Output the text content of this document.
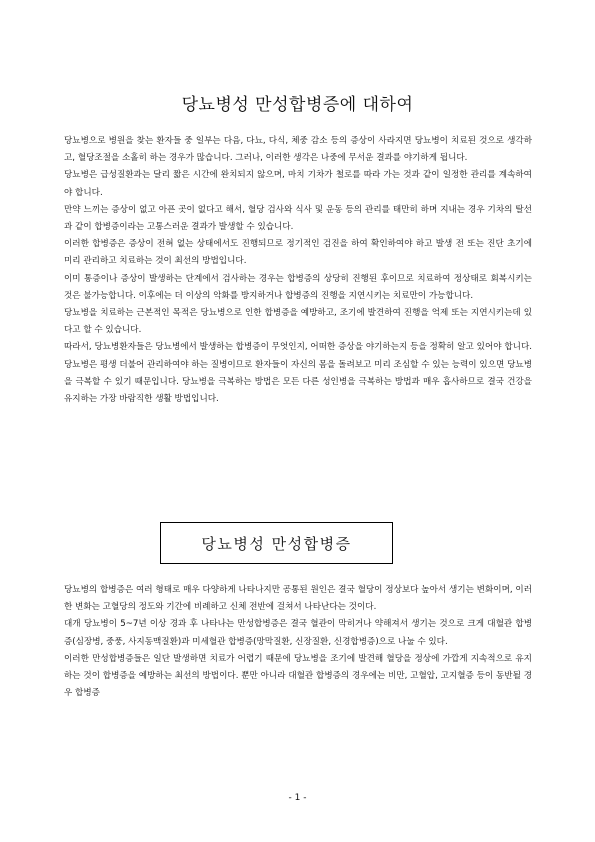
당뇨병성 만성합병증에 대하여

당뇨병으로 병원을 찾는 환자들 중 일부는 다음, 다뇨, 다식, 체중 감소 등의 증상이 사라지면 당뇨병이 치료된 것으로 생각하고, 혈당조절을 소홀히 하는 경우가 많습니다. 그러나, 이러한 생각은 나중에 무서운 결과를 야기하게 됩니다.

당뇨병은 급성질환과는 달리 짧은 시간에 완치되지 않으며, 마치 기차가 철로를 따라 가는 것과 같이 일정한 관리를 계속하여야 합니다.

만약 느끼는 증상이 없고 아픈 곳이 없다고 해서, 혈당 검사와 식사 및 운동 등의 관리를 태만히 하며 지내는 경우 기차의 탈선과 같이 합병증이라는 고통스러운 결과가 발생할 수 있습니다.

이러한 합병증은 증상이 전혀 없는 상태에서도 진행되므로 정기적인 검진을 하여 확인하여야 하고 발생 전 또는 진단 초기에 미리 관리하고 치료하는 것이 최선의 방법입니다.

이미 통증이나 증상이 발생하는 단계에서 검사하는 경우는 합병증의 상당히 진행된 후이므로 치료하여 정상태로 회복시키는 것은 불가능합니다. 이후에는 더 이상의 악화를 방지하거나 합병증의 진행을 지연시키는 치료만이 가능합니다.

당뇨병을 치료하는 근본적인 목적은 당뇨병으로 인한 합병증을 예방하고, 조기에 발견하여 진행을 억제 또는 지연시키는데 있다고 할 수 있습니다.

따라서, 당뇨병환자들은 당뇨병에서 발생하는 합병증이 무엇인지, 어떠한 증상을 야기하는지 등을 정확히 알고 있어야 합니다. 당뇨병은 평생 더불어 관리하여야 하는 질병이므로 환자들이 자신의 몸을 돌려보고 미리 조심할 수 있는 능력이 있으면 당뇨병을 극복할 수 있기 때문입니다. 당뇨병을 극복하는 방법은 모든 다른 성인병을 극복하는 방법과 매우 흡사하므로 결국 건강을 유지하는 가장 바람직한 생활 방법입니다.

당뇨병성 만성합병증

당뇨병의 합병증은 여러 형태로 매우 다양하게 나타나지만 공통된 원인은 결국 혈당이 정상보다 높아서 생기는 변화이며, 이러한 변화는 고혈당의 정도와 기간에 비례하고 신체 전반에 걸쳐서 나타난다는 것이다.

대개 당뇨병이 5~7년 이상 경과 후 나타나는 만성합병증은 결국 혈관이 막히거나 약해져서 생기는 것으로 크게 대혈관 합병증(심장병, 중풍, 사지동맥질환)과 미세혈관 합병증(망막질환, 신장질환, 신경합병증)으로 나눌 수 있다.

이러한 만성합병증들은 일단 발생하면 치료가 어렵기 때문에 당뇨병을 조기에 발견해 혈당을 정상에 가깝게 지속적으로 유지하는 것이 합병증을 예방하는 최선의 방법이다. 뿐만 아니라 대혈관 합병증의 경우에는 비만, 고혈압, 고지혈증 등이 동반될 경우 합병증

- 1 -
